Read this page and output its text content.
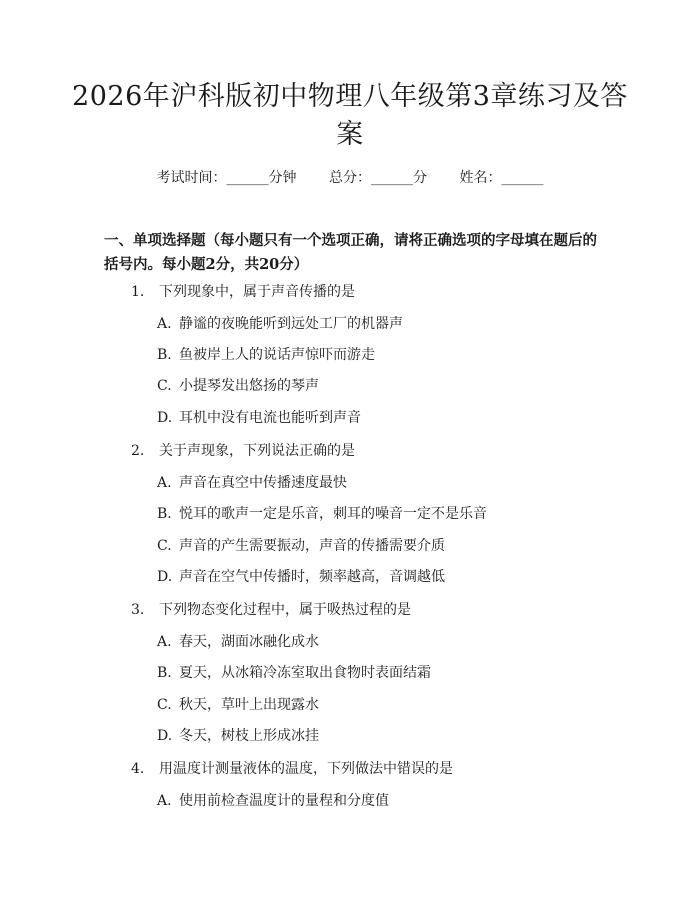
2026年沪科版初中物理八年级第3章练习及答案
考试时间：______分钟 总分：______分 姓名：______
一、单项选择题（每小题只有一个选项正确，请将正确选项的字母填在题后的括号内。每小题2分，共20分）
1. 下列现象中，属于声音传播的是
A. 静谧的夜晚能听到远处工厂的机器声
B. 鱼被岸上人的说话声惊吓而游走
C. 小提琴发出悠扬的琴声
D. 耳机中没有电流也能听到声音
2. 关于声现象，下列说法正确的是
A. 声音在真空中传播速度最快
B. 悦耳的歌声一定是乐音，刺耳的噪音一定不是乐音
C. 声音的产生需要振动，声音的传播需要介质
D. 声音在空气中传播时，频率越高，音调越低
3. 下列物态变化过程中，属于吸热过程的是
A. 春天，湖面冰融化成水
B. 夏天，从冰箱冷冻室取出食物时表面结霜
C. 秋天，草叶上出现露水
D. 冬天，树枝上形成冰挂
4. 用温度计测量液体的温度，下列做法中错误的是
A. 使用前检查温度计的量程和分度值
